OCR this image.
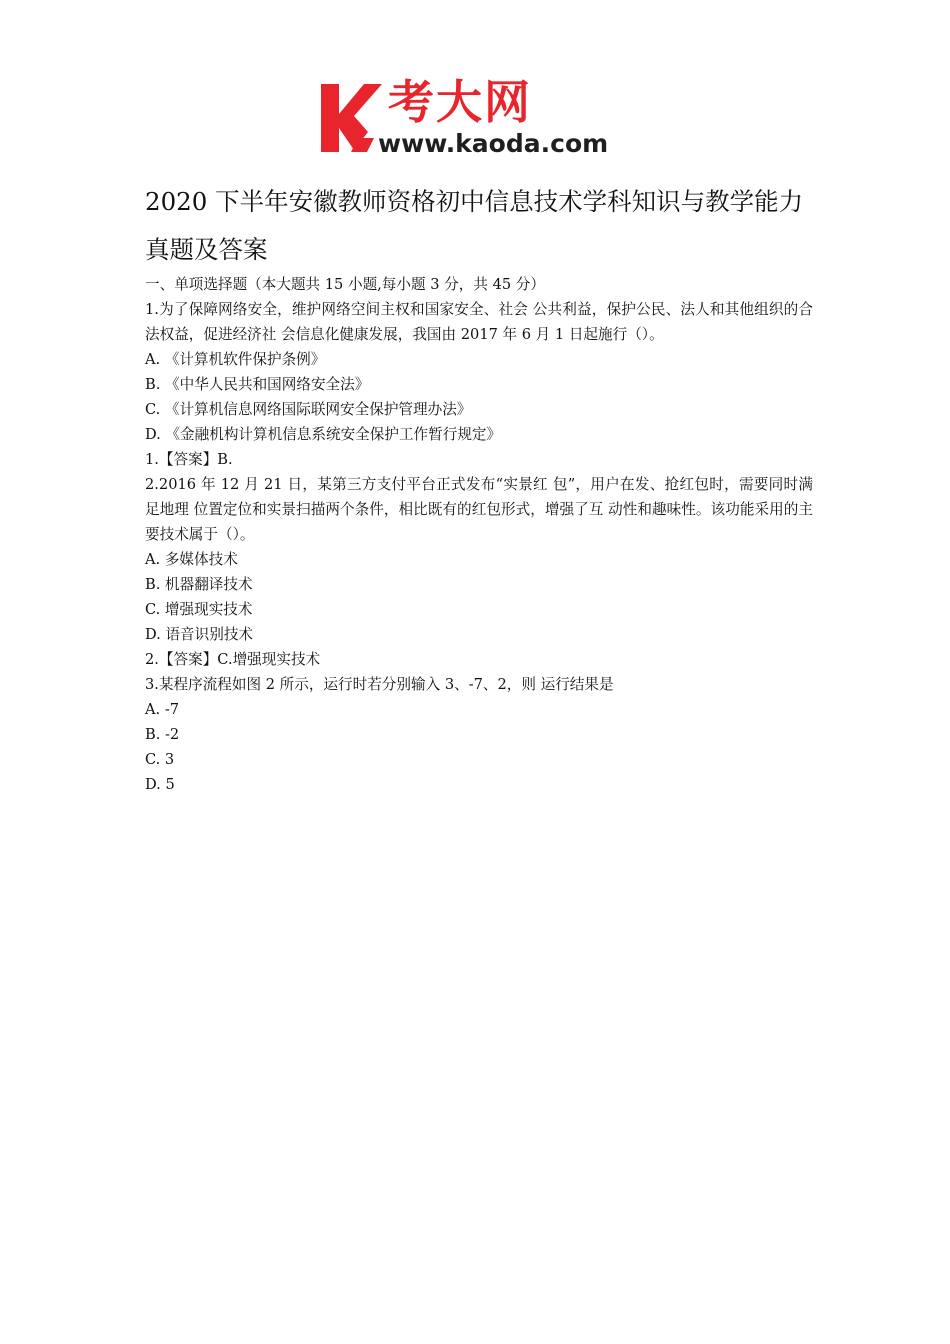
考大网
www.kaoda.com
2020 下半年安徽教师资格初中信息技术学科知识与教学能力真题及答案
一、单项选择题（本大题共 15 小题,每小题 3 分，共 45 分）
1.为了保障网络安全，维护网络空间主权和国家安全、社会 公共利益，保护公民、法人和其他组织的合法权益，促进经济社 会信息化健康发展，我国由 2017 年 6 月 1 日起施行（）。
A. 《计算机软件保护条例》
B. 《中华人民共和国网络安全法》
C. 《计算机信息网络国际联网安全保护管理办法》
D. 《金融机构计算机信息系统安全保护工作暂行规定》
1.【答案】B.
2.2016 年 12 月 21 日，某第三方支付平台正式发布“实景红 包”，用户在发、抢红包时，需要同时满足地理 位置定位和实景扫描两个条件，相比既有的红包形式，增强了互 动性和趣味性。该功能采用的主要技术属于（）。
A. 多媒体技术
B. 机器翻译技术
C. 增强现实技术
D. 语音识别技术
2.【答案】C.增强现实技术
3.某程序流程如图 2 所示，运行时若分别输入 3、-7、2，则 运行结果是
A. -7
B. -2
C. 3
D. 5
